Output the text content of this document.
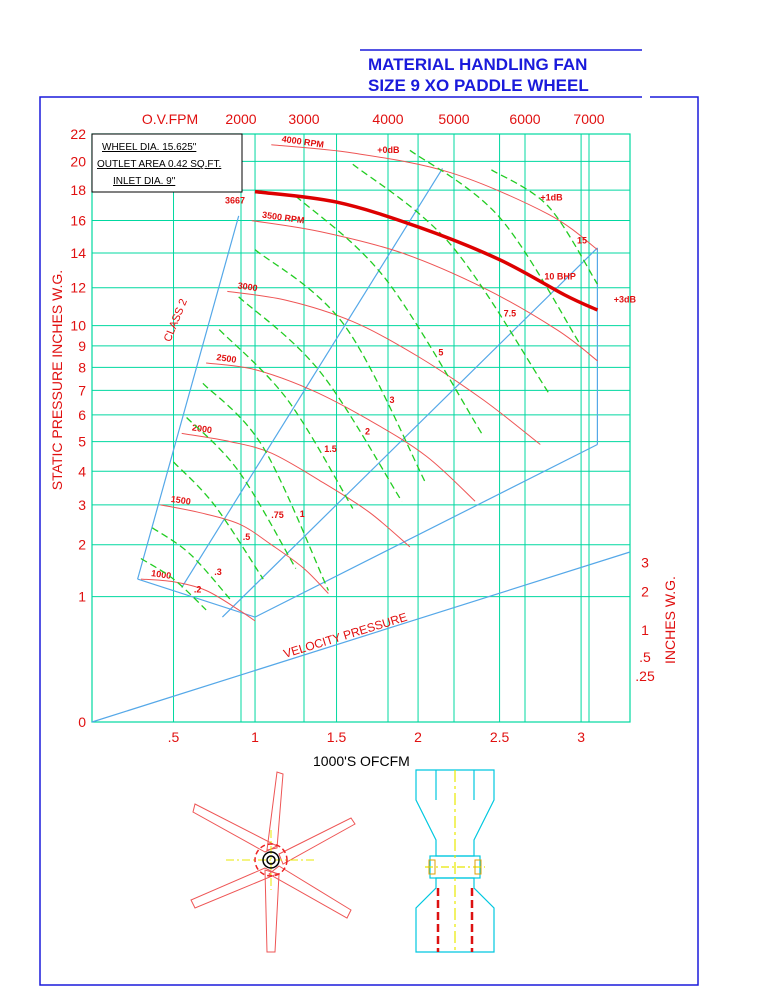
MATERIAL HANDLING FAN
SIZE 9 XO PADDLE WHEEL
CLASS 2
VELOCITY PRESSURE
4000 RPM
3500 RPM
3000
2500
2000
1500
1000
.2
.3
.5
.75 1
1.5
2
3
5
7.5
10 BHP
15
3667
+0dB
+1dB
+3dB
0
1
2
3
4
5
6
7
8
9
10
12
14
16
18
20
22
.5	1	1.5	2	2.5	3
O.V.FPM 2000 3000	4000 5000	6000 7000
.25
.5
1
2
3
STATIC PRESSURE INCHES W.G.
INCHES W.G.
WHEEL DIA. 15.625"
OUTLET AREA 0.42 SQ.FT.
INLET DIA. 9"
1000'S OFCFM
